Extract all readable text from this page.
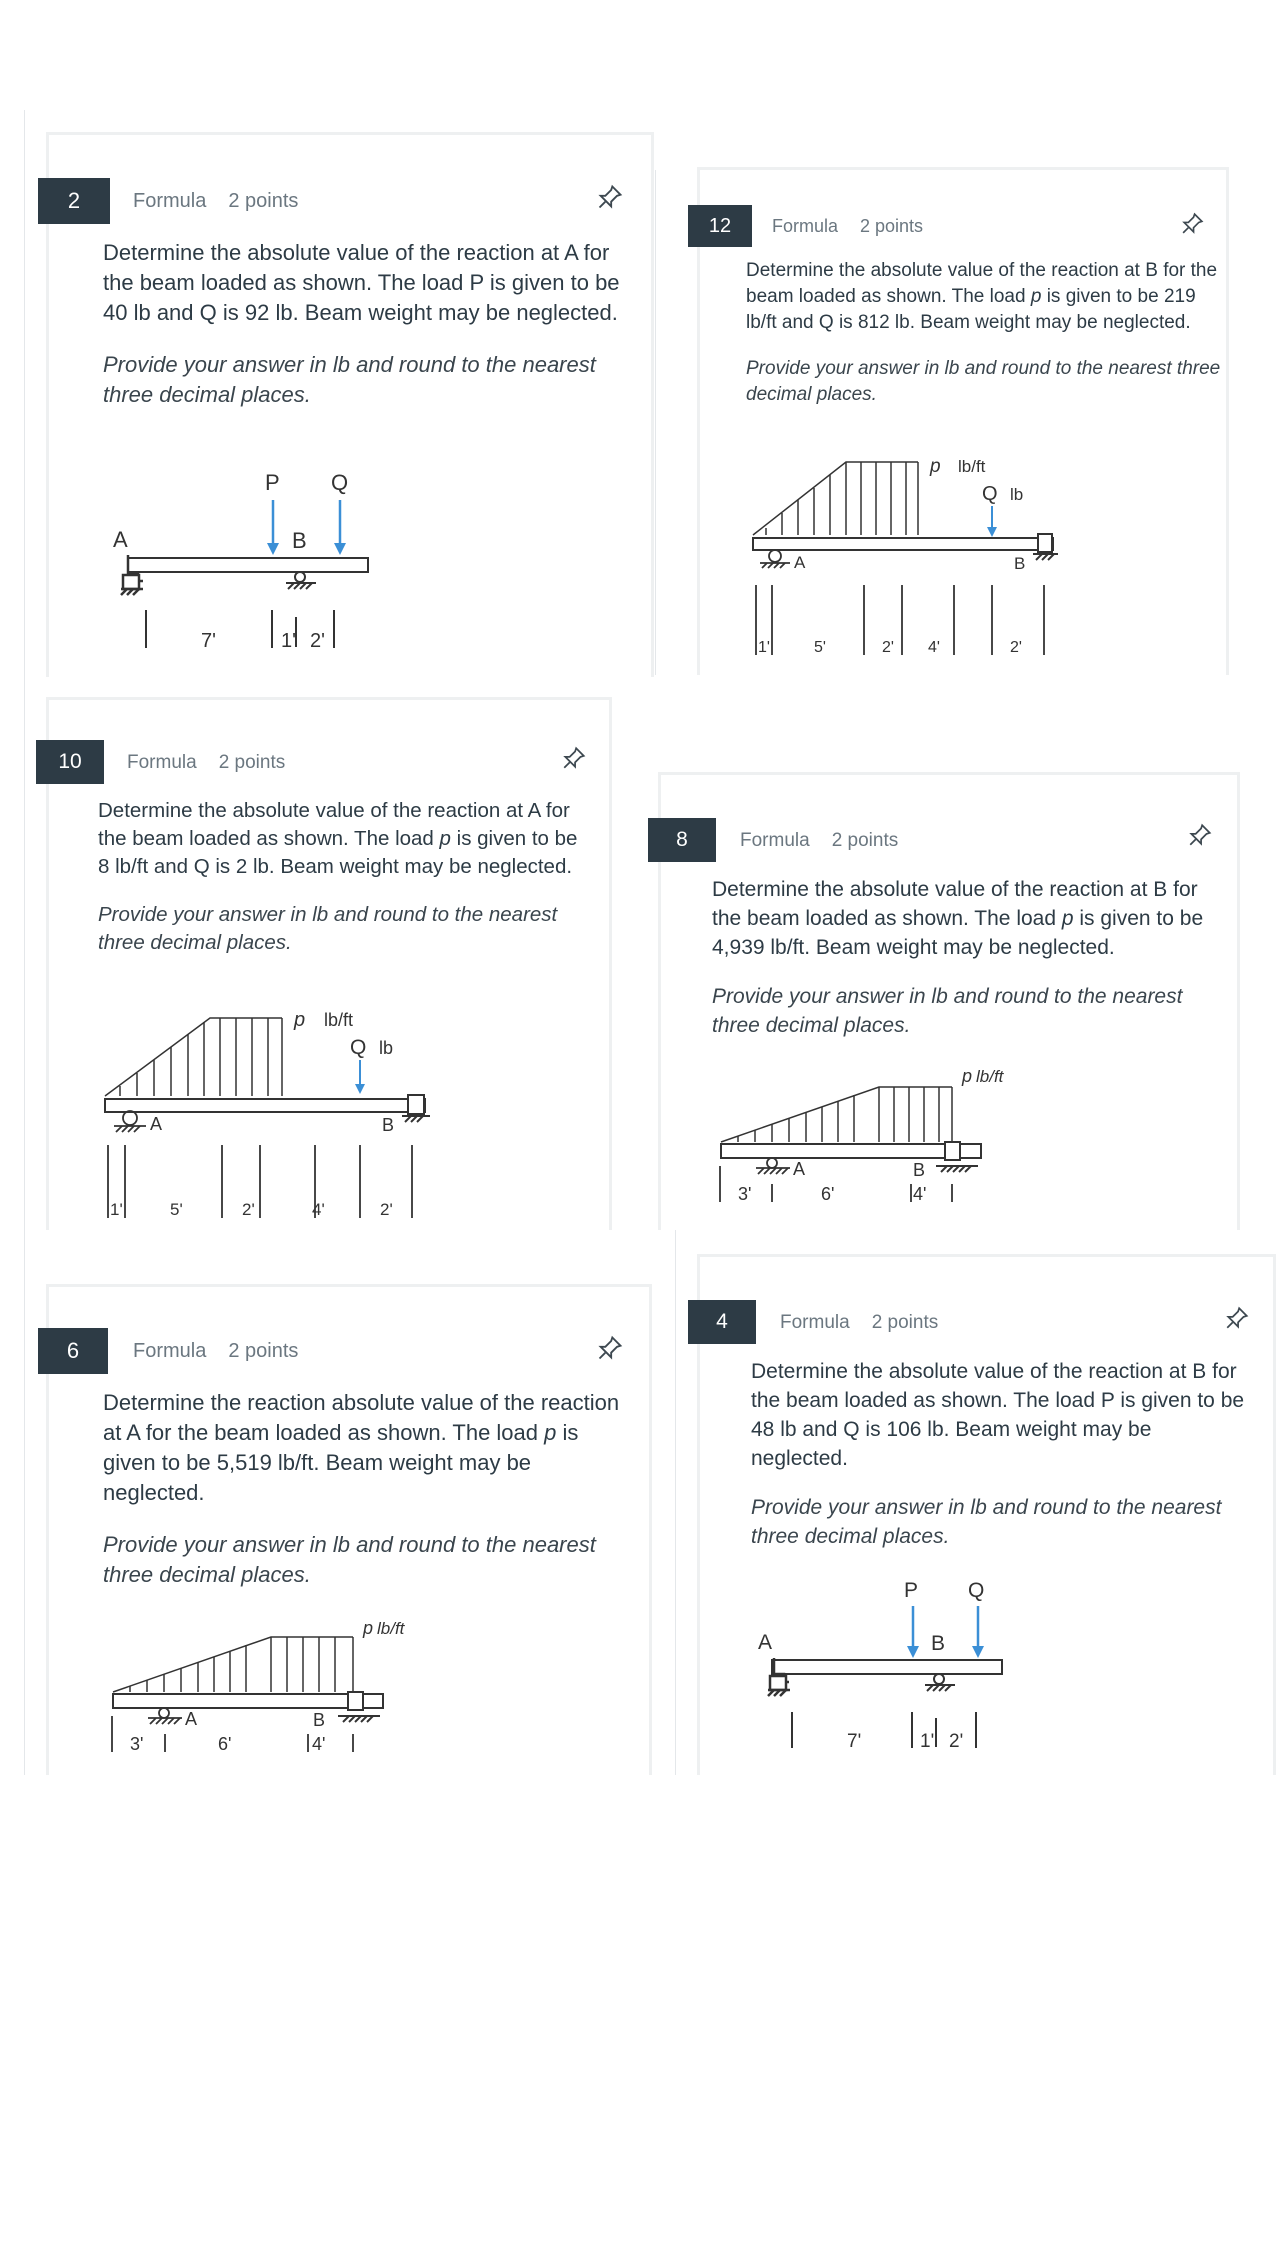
2	Formula 2 points

Determine the absolute value of the reaction at A for the beam loaded as shown. The load P is given to be 40 lb and Q is 92 lb. Beam weight may be neglected.

Provide your answer in lb and round to the nearest three decimal places.

A
P Q
B
7'	1' 2'
12	Formula 2 points

Determine the absolute value of the reaction at B for the beam loaded as shown. The load p is given to be 219 lb/ft and Q is 812 lb. Beam weight may be neglected.

Provide your answer in lb and round to the nearest three decimal places.

p lb/ft
Q lb
A	B
1'	5'	2' 4'	2'
10	Formula 2 points

Determine the absolute value of the reaction at A for the beam loaded as shown. The load p is given to be 8 lb/ft and Q is 2 lb. Beam weight may be neglected.

Provide your answer in lb and round to the nearest three decimal places.

p lb/ft
Q lb
A	B
1'	5'	2'	4'	2'
8	Formula 2 points

Determine the absolute value of the reaction at B for the beam loaded as shown. The load p is given to be 4,939 lb/ft. Beam weight may be neglected.

Provide your answer in lb and round to the nearest three decimal places.

p lb/ft
A	B
3'	6'	4'
6	Formula 2 points

Determine the reaction absolute value of the reaction at A for the beam loaded as shown. The load p is given to be 5,519 lb/ft. Beam weight may be neglected.

Provide your answer in lb and round to the nearest three decimal places.

p lb/ft
A	B
3'	6'	4'
4	Formula 2 points

Determine the absolute value of the reaction at B for the beam loaded as shown. The load P is given to be 48 lb and Q is 106 lb. Beam weight may be neglected.

Provide your answer in lb and round to the nearest three decimal places.

A
P Q
B
7'	1' 2'
